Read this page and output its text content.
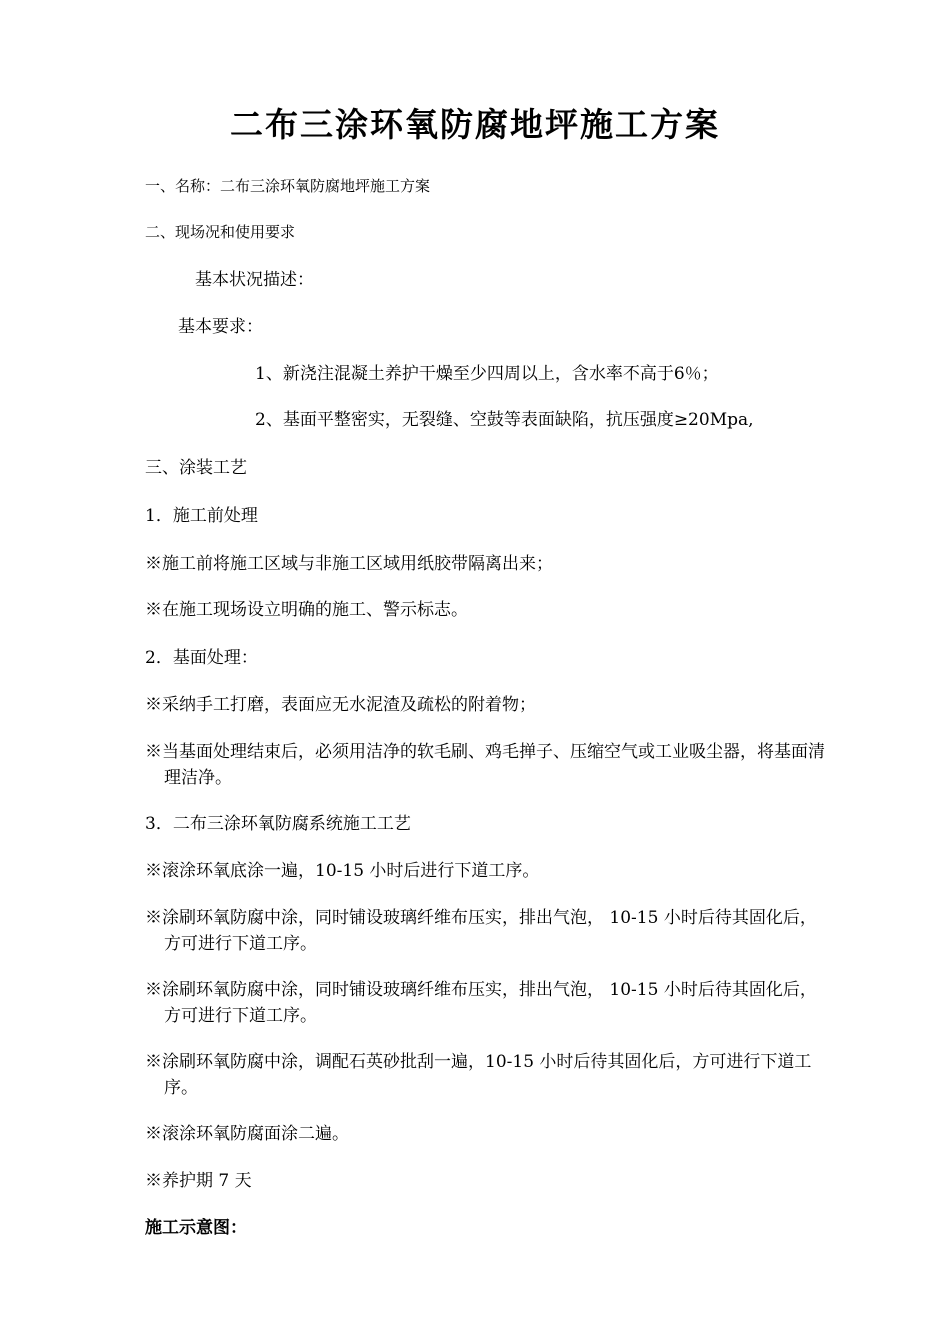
二布三涂环氧防腐地坪施工方案
一、名称：二布三涂环氧防腐地坪施工方案
二、现场况和使用要求
基本状况描述：
基本要求：
1、新浇注混凝土养护干燥至少四周以上，含水率不高于6％；
2、基面平整密实，无裂缝、空鼓等表面缺陷，抗压强度≥20Mpa,
三、涂装工艺
1．施工前处理
※施工前将施工区域与非施工区域用纸胶带隔离出来；
※在施工现场设立明确的施工、警示标志。
2．基面处理：
※采纳手工打磨，表面应无水泥渣及疏松的附着物；
※当基面处理结束后，必须用洁净的软毛刷、鸡毛掸子、压缩空气或工业吸尘器，将基面清理洁净。
3．二布三涂环氧防腐系统施工工艺
※滚涂环氧底涂一遍，10-15 小时后进行下道工序。
※涂刷环氧防腐中涂，同时铺设玻璃纤维布压实，排出气泡， 10-15 小时后待其固化后，方可进行下道工序。
※涂刷环氧防腐中涂，同时铺设玻璃纤维布压实，排出气泡， 10-15 小时后待其固化后，方可进行下道工序。
※涂刷环氧防腐中涂，调配石英砂批刮一遍，10-15 小时后待其固化后，方可进行下道工序。
※滚涂环氧防腐面涂二遍。
※养护期 7 天
施工示意图：
